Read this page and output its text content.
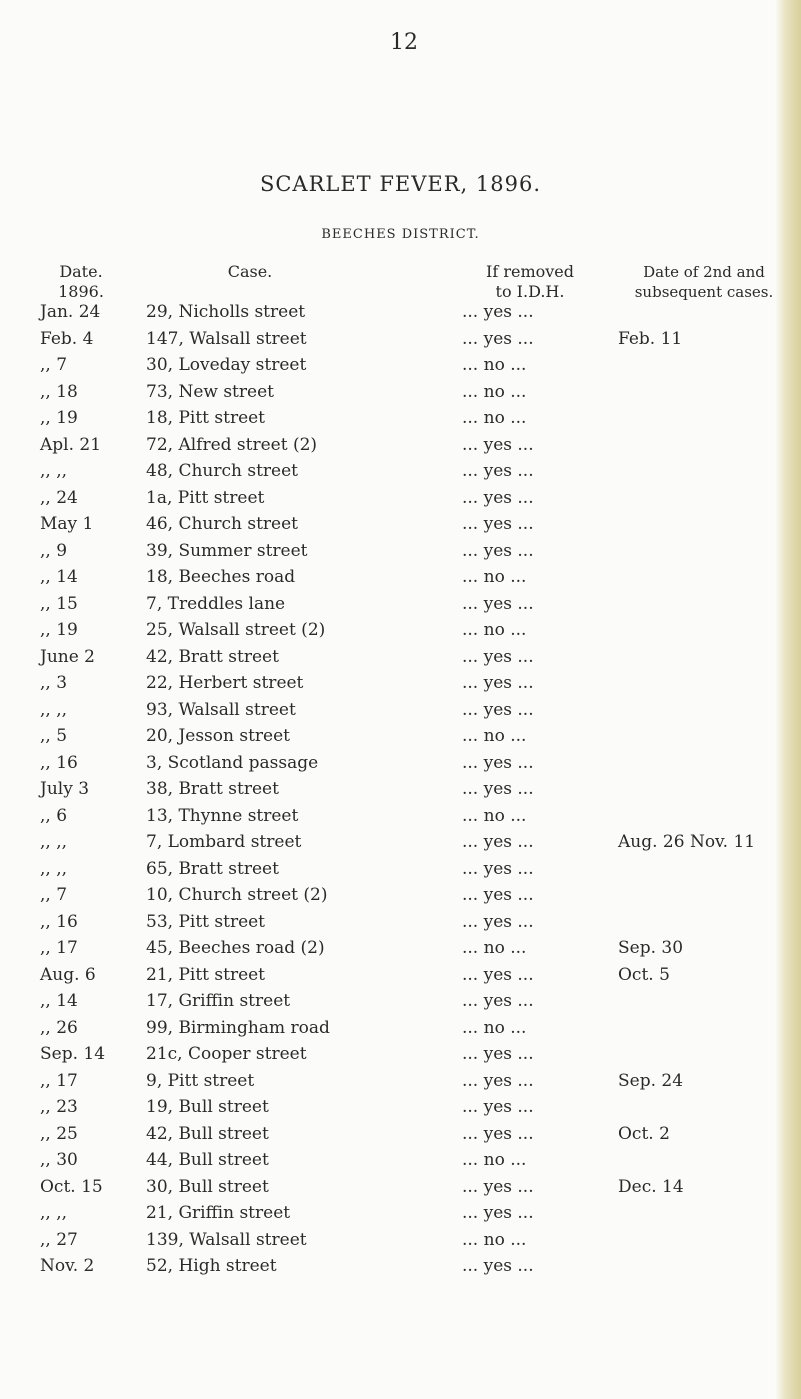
12
SCARLET FEVER, 1896.
BEECHES DISTRICT.
Date.
1896.
Case.	If removed
to I.D.H.
Date of 2nd and
subsequent cases.
Jan. 24	29, Nicholls street	... yes ...
Feb. 4	147, Walsall street	... yes ...	Feb. 11
,, 7	30, Loveday street	... no ...
,, 18	73, New street	... no ...
,, 19	18, Pitt street	... no ...
Apl. 21	72, Alfred street (2)	... yes ...
,, ,,	48, Church street	... yes ...
,, 24	1a, Pitt street	... yes ...
May 1	46, Church street	... yes ...
,, 9	39, Summer street	... yes ...
,, 14	18, Beeches road	... no ...
,, 15	7, Treddles lane	... yes ...
,, 19	25, Walsall street (2)	... no ...
June 2	42, Bratt street	... yes ...
,, 3	22, Herbert street	... yes ...
,, ,,	93, Walsall street	... yes ...
,, 5	20, Jesson street	... no ...
,, 16	3, Scotland passage	... yes ...
July 3	38, Bratt street	... yes ...
,, 6	13, Thynne street	... no ...
,, ,,	7, Lombard street	... yes ...	Aug. 26 Nov. 11
,, ,,	65, Bratt street	... yes ...
,, 7	10, Church street (2)	... yes ...
,, 16	53, Pitt street	... yes ...
,, 17	45, Beeches road (2)	... no ...	Sep. 30
Aug. 6	21, Pitt street	... yes ...	Oct. 5
,, 14	17, Griffin street	... yes ...
,, 26	99, Birmingham road	... no ...
Sep. 14 21c, Cooper street	... yes ...
,, 17	9, Pitt street	... yes ...	Sep. 24
,, 23	19, Bull street	... yes ...
,, 25	42, Bull street	... yes ...	Oct. 2
,, 30	44, Bull street	... no ...
Oct. 15	30, Bull street	... yes ...	Dec. 14
,, ,,	21, Griffin street	... yes ...
,, 27	139, Walsall street	... no ...
Nov. 2	52, High street	... yes ...
